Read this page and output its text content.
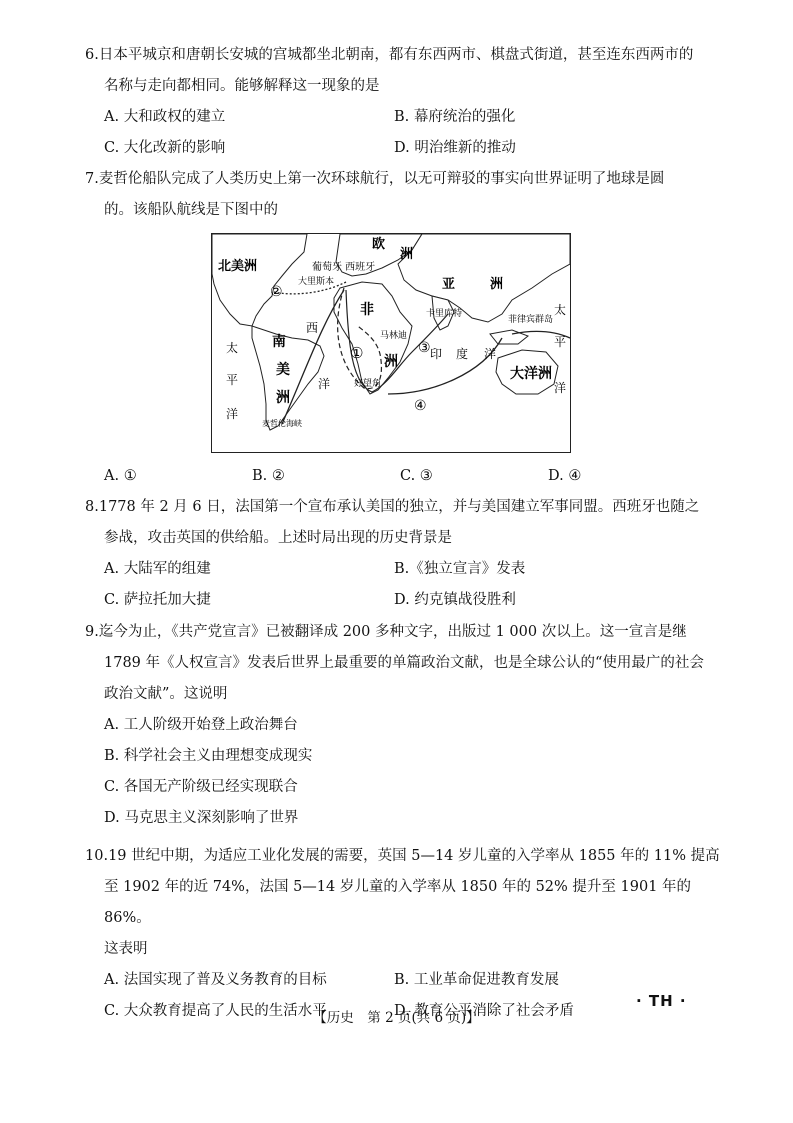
6.日本平城京和唐朝长安城的宫城都坐北朝南，都有东西两市、棋盘式街道，甚至连东西两市的
名称与走向都相同。能够解释这一现象的是
A. 大和政权的建立	B. 幕府统治的强化
C. 大化改新的影响	D. 明治维新的推动
7.麦哲伦船队完成了人类历史上第一次环球航行，以无可辩驳的事实向世界证明了地球是圆
的。该船队航线是下图中的
北美洲
欧
洲
亚	洲
葡萄牙 西班牙
大里斯本
非
洲
南
美
洲
西
洋
太
平
洋
太
平
洋
印 度 洋
大洋洲
卡里库特
马林迪
菲律宾群岛
好望角
麦哲伦海峡
①
②
③
④
A. ①	B. ②	C. ③	D. ④
8.1778 年 2 月 6 日，法国第一个宣布承认美国的独立，并与美国建立军事同盟。西班牙也随之
参战，攻击英国的供给船。上述时局出现的历史背景是
A. 大陆军的组建	B.《独立宣言》发表
C. 萨拉托加大捷	D. 约克镇战役胜利
9.迄今为止，《共产党宣言》已被翻译成 200 多种文字，出版过 1 000 次以上。这一宣言是继
1789 年《人权宣言》发表后世界上最重要的单篇政治文献，也是全球公认的“使用最广的社会
政治文献”。这说明
A. 工人阶级开始登上政治舞台
B. 科学社会主义由理想变成现实
C. 各国无产阶级已经实现联合
D. 马克思主义深刻影响了世界
10.19 世纪中期，为适应工业化发展的需要，英国 5—14 岁儿童的入学率从 1855 年的 11% 提高
至 1902 年的近 74%，法国 5—14 岁儿童的入学率从 1850 年的 52% 提升至 1901 年的 86%。
这表明
A. 法国实现了普及义务教育的目标	B. 工业革命促进教育发展
C. 大众教育提高了人民的生活水平	D. 教育公平消除了社会矛盾
· TH ·
【历史　第 2 页(共 6 页)】
